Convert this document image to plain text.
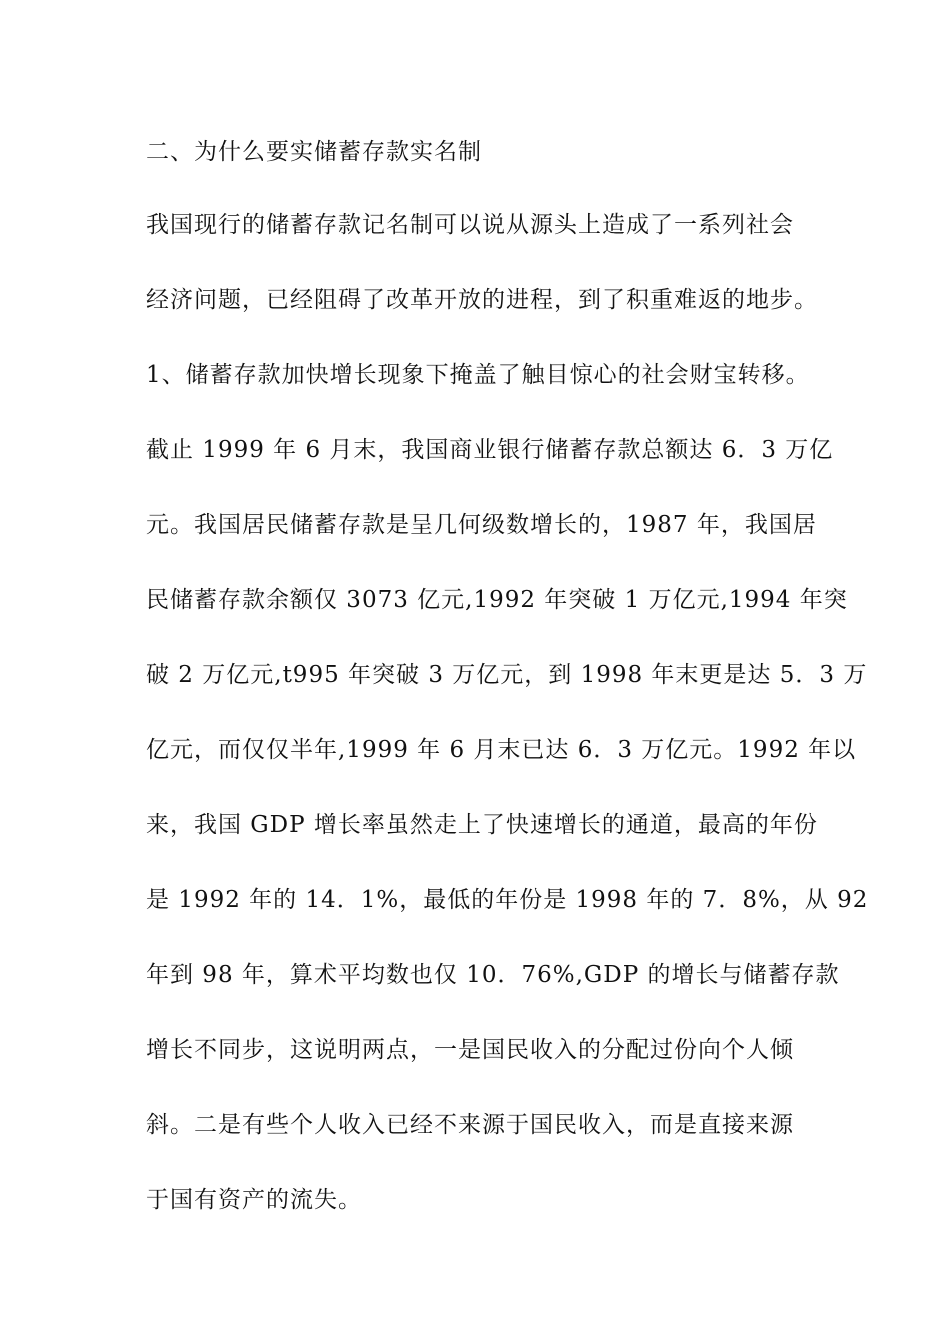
二、为什么要实储蓄存款实名制
我国现行的储蓄存款记名制可以说从源头上造成了一系列社会
经济问题，已经阻碍了改革开放的进程，到了积重难返的地步。
1、储蓄存款加快增长现象下掩盖了触目惊心的社会财宝转移。
截止 1999 年 6 月末，我国商业银行储蓄存款总额达 6．3 万亿
元。我国居民储蓄存款是呈几何级数增长的，1987 年，我国居
民储蓄存款余额仅 3073 亿元,1992 年突破 1 万亿元,1994 年突
破 2 万亿元,t995 年突破 3 万亿元，到 1998 年末更是达 5．3 万
亿元，而仅仅半年,1999 年 6 月末已达 6．3 万亿元。1992 年以
来，我国 GDP 增长率虽然走上了快速增长的通道，最高的年份
是 1992 年的 14．1%，最低的年份是 1998 年的 7．8%，从 92
年到 98 年，算术平均数也仅 10．76%,GDP 的增长与储蓄存款
增长不同步，这说明两点，一是国民收入的分配过份向个人倾
斜。二是有些个人收入已经不来源于国民收入，而是直接来源
于国有资产的流失。
